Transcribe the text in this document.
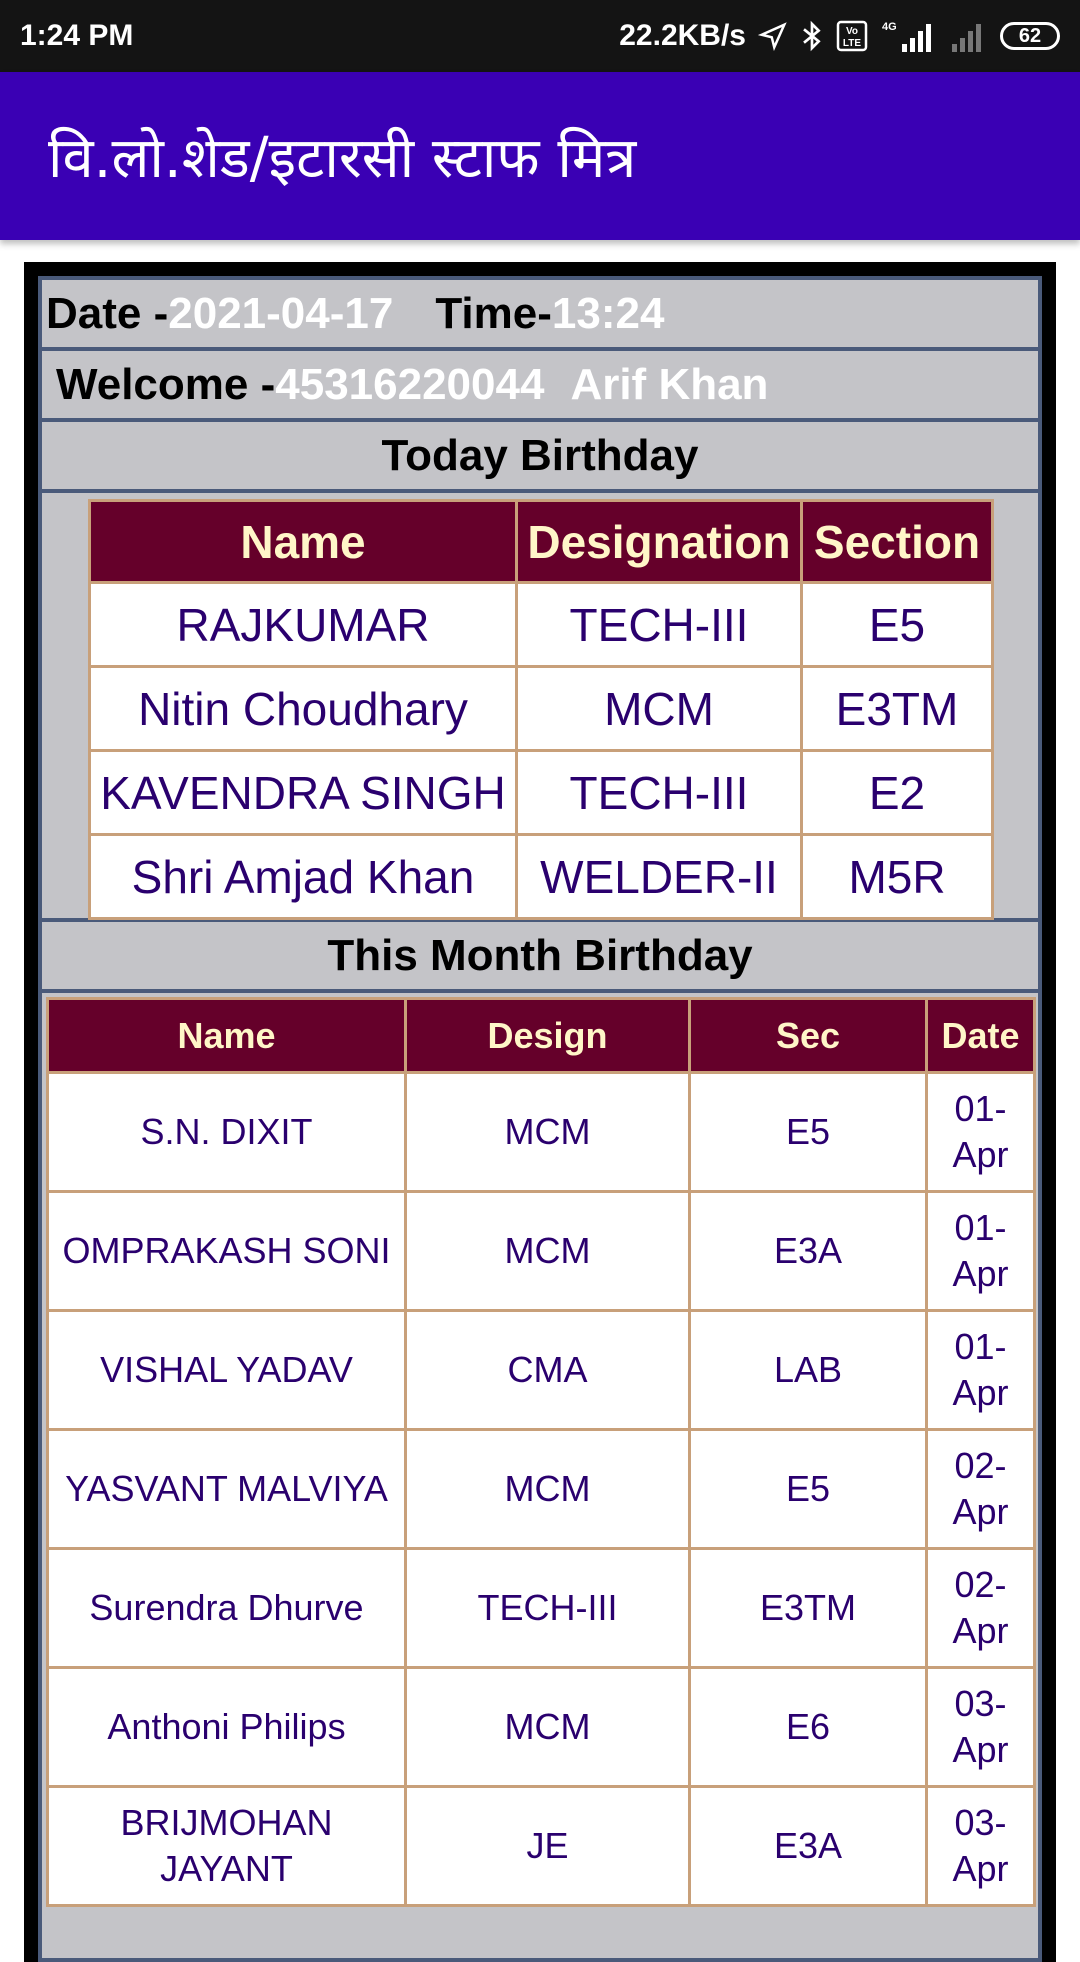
1:24 PM	22.2KB/s	Vo
LTE
4G	62
वि.लो.शेड/इटारसी स्टाफ मित्र
Date - 2021-04-17 Time- 13:24
Welcome - 45316220044 Arif Khan
Today Birthday
Name	Designation	Section
RAJKUMAR	TECH-III	E5
Nitin Choudhary	MCM	E3TM
KAVENDRA SINGH	TECH-III	E2
Shri Amjad Khan	WELDER-II	M5R
This Month Birthday
Name	Design	Sec	Date
S.N. DIXIT	MCM	E5	01-Apr
OMPRAKASH SONI	MCM	E3A	01-Apr
VISHAL YADAV	CMA	LAB	01-Apr
YASVANT MALVIYA	MCM	E5	02-Apr
Surendra Dhurve	TECH-III	E3TM	02-Apr
Anthoni Philips	MCM	E6	03-Apr
BRIJMOHAN JAYANT	JE	E3A	03-Apr
